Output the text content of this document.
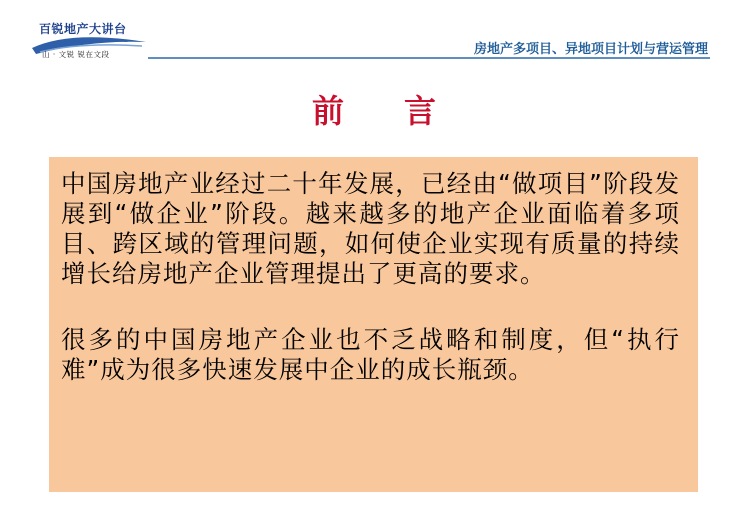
百锐地产大讲台
山 · 文锐 锐在文段	房地产多项目、异地项目计划与营运管理
前言

中国房地产业经过二十年发展，已经由“做项目”阶段发展到“做企业”阶段。越来越多的地产企业面临着多项目、跨区域的管理问题，如何使企业实现有质量的持续增长给房地产企业管理提出了更高的要求。

很多的中国房地产企业也不乏战略和制度，但“执行难”成为很多快速发展中企业的成长瓶颈。
